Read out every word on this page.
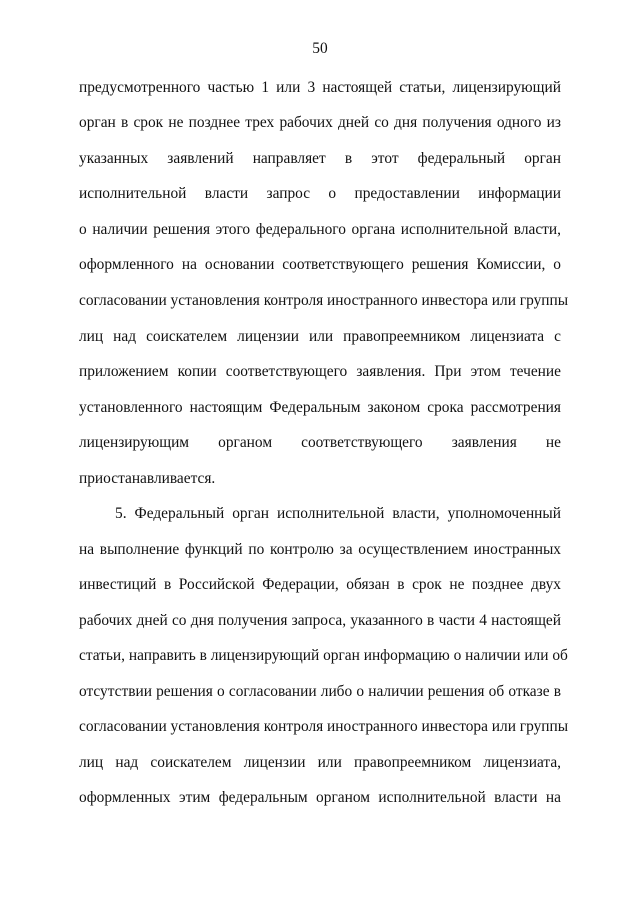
50
предусмотренного частью 1 или 3 настоящей статьи, лицензирующий
орган в срок не позднее трех рабочих дней со дня получения одного из
указанных заявлений направляет в этот федеральный орган
исполнительной власти запрос о предоставлении информации
о наличии решения этого федерального органа исполнительной власти,
оформленного на основании соответствующего решения Комиссии, о
согласовании установления контроля иностранного инвестора или группы
лиц над соискателем лицензии или правопреемником лицензиата с
приложением копии соответствующего заявления. При этом течение
установленного настоящим Федеральным законом срока рассмотрения
лицензирующим органом соответствующего заявления не
приостанавливается.
5. Федеральный орган исполнительной власти, уполномоченный
на выполнение функций по контролю за осуществлением иностранных
инвестиций в Российской Федерации, обязан в срок не позднее двух
рабочих дней со дня получения запроса, указанного в части 4 настоящей
статьи, направить в лицензирующий орган информацию о наличии или об
отсутствии решения о согласовании либо о наличии решения об отказе в
согласовании установления контроля иностранного инвестора или группы
лиц над соискателем лицензии или правопреемником лицензиата,
оформленных этим федеральным органом исполнительной власти на
